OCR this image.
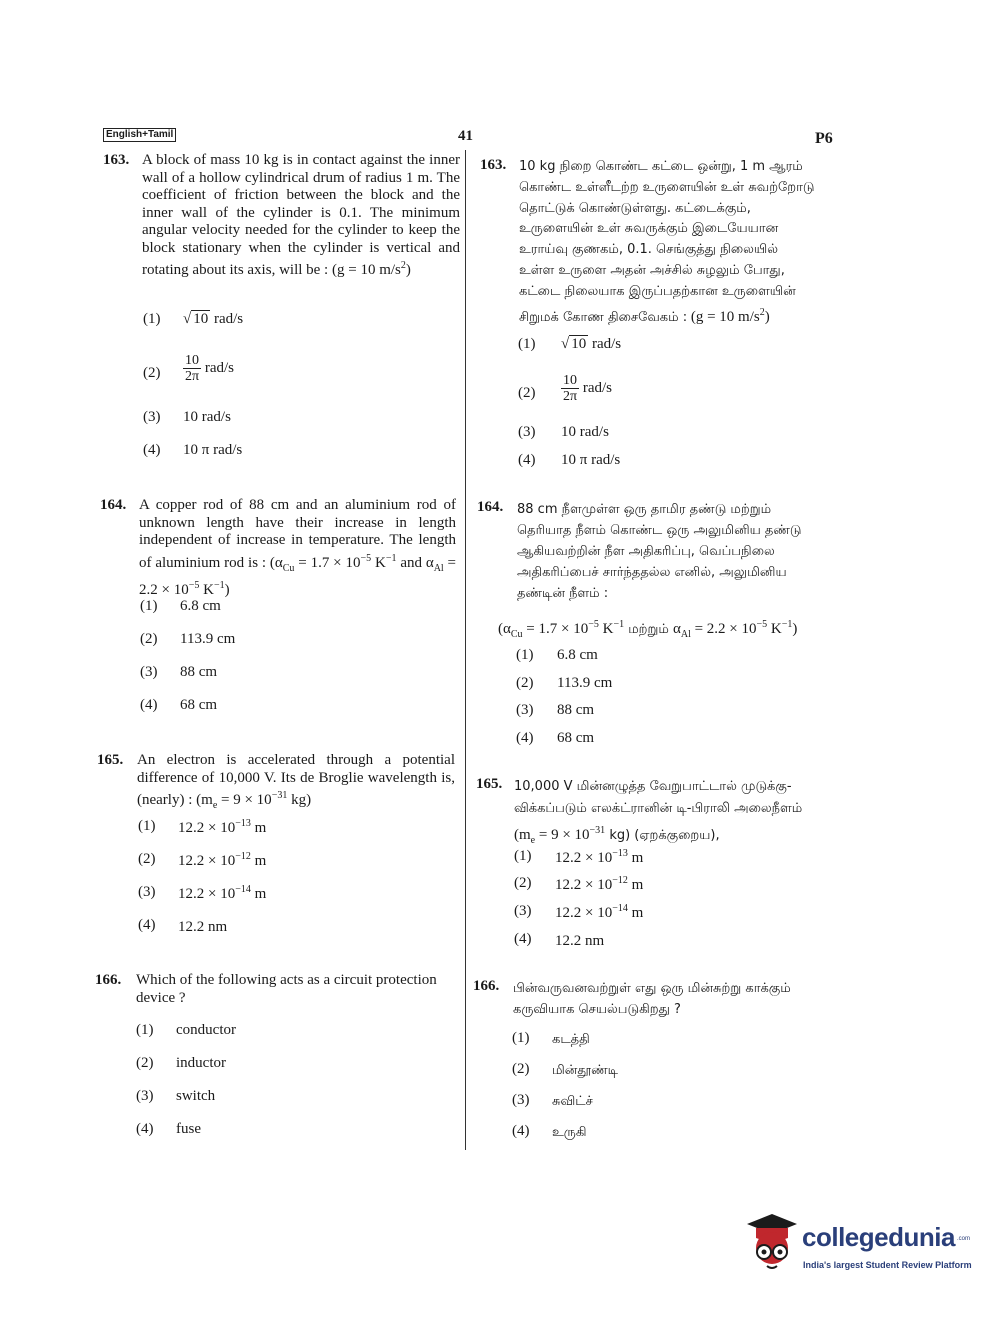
English+Tamil	41	P6
163. A block of mass 10 kg is in contact against the inner wall of a hollow cylindrical drum of radius 1 m. The coefficient of friction between the block and the inner wall of the cylinder is 0.1. The minimum angular velocity needed for the cylinder to keep the block stationary when the cylinder is vertical and rotating about its axis, will be : (g = 10 $m/s^2$)
(1) √ 10 rad/s
$(2) \frac{10}{2\pi} rad/s$
(3) 10 rad/s
(4) 10 π rad/s
164. A copper rod of 88 cm and an aluminium rod of unknown length have their increase in length independent of increase in temperature. The length of aluminium rod is : ($\alpha_{Cu} = 1.7 \times 10^{-5}$ $K^{-1}$ and $\alpha_{Al} = 2.2 \times 10^{-5}$ $K^{-1}$)
(1) 6.8 cm
(2) 113.9 cm
(3) 88 cm
(4) 68 cm
165. An electron is accelerated through a potential difference of 10,000 V. Its de Broglie wavelength is, (nearly) : ($m_e = 9 \times 10^{-31}$ kg)
(1) $12.2 \times 10^{-13}$ m
(2) $12.2 \times 10^{-12}$ m
(3) $12.2 \times 10^{-14}$ m
(4) 12.2 nm
166. Which of the following acts as a circuit protection device ?
(1) conductor
(2) inductor
(3) switch
(4) fuse
163. 10 kg நிறை கொண்ட கட்டை ஒன்று, 1 m ஆரம்
கொண்ட உள்ளீடற்ற உருளையின் உள் சுவற்றோடு
தொட்டுக் கொண்டுள்ளது. கட்டைக்கும்,
உருளையின் உள் சுவருக்கும் இடையேயான
உராய்வு குணகம், 0.1. செங்குத்து நிலையில்
உள்ள உருளை அதன் அச்சில் சுழலும் போது,
கட்டை நிலையாக இருப்பதற்கான உருளையின்
சிறுமக் கோண திசைவேகம் : (g = 10 $m/s^2$)
(1) √ 10 rad/s
$(2) \frac{10}{2\pi} rad/s$
(3) 10 rad/s
(4) 10 π rad/s
164. 88 cm நீளமுள்ள ஒரு தாமிர தண்டு மற்றும்
தெரியாத நீளம் கொண்ட ஒரு அலுமினிய தண்டு
ஆகியவற்றின் நீள அதிகரிப்பு, வெப்பநிலை
அதிகரிப்பைச் சார்ந்ததல்ல எனில், அலுமினிய
தண்டின் நீளம் :
($\alpha_{Cu} = 1.7 \times 10^{-5}$ $K^{-1}$ மற்றும் $\alpha_{Al} = 2.2 \times 10^{-5}$ $K^{-1}$)
(1) 6.8 cm
(2) 113.9 cm
(3) 88 cm
(4) 68 cm
165. 10,000 V மின்னழுத்த வேறுபாட்டால் முடுக்கு-
விக்கப்படும் எலக்ட்ரானின் டி-பிராலி அலைநீளம்
($m_e = 9 \times 10^{-31}$ kg) (ஏறக்குறைய),
(1) $12.2 \times 10^{-13}$ m
(2) $12.2 \times 10^{-12}$ m
(3) $12.2 \times 10^{-14}$ m
(4) 12.2 nm
166. பின்வருவனவற்றுள் எது ஒரு மின்சுற்று காக்கும்
கருவியாக செயல்படுகிறது ?
(1) கடத்தி
(2) மின்தூண்டி
(3) சுவிட்ச்
(4) உருகி
collegedunia .com
India's largest Student Review Platform
